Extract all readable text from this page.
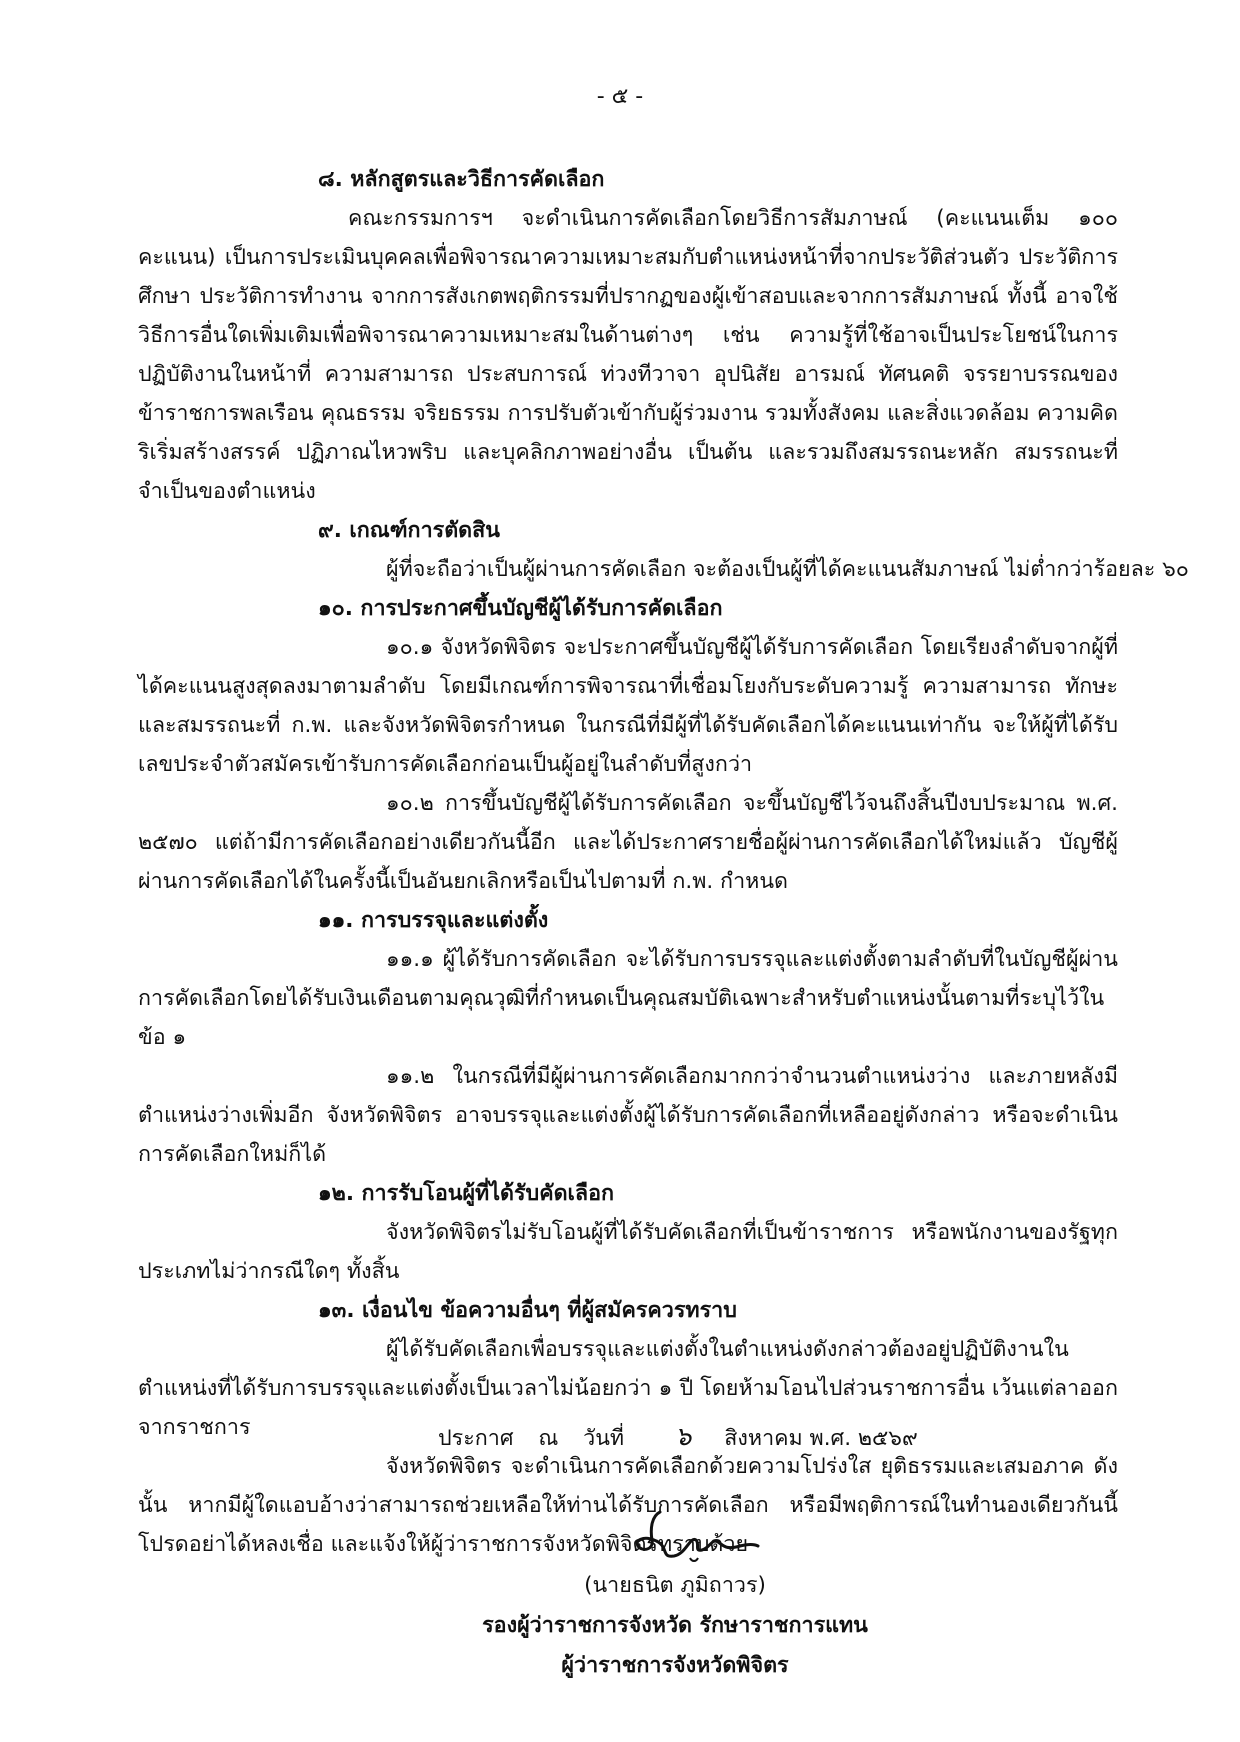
- ๕ -
๘. หลักสูตรและวิธีการคัดเลือก

คณะกรรมการฯ จะดำเนินการคัดเลือกโดยวิธีการสัมภาษณ์ (คะแนนเต็ม ๑๐๐ คะแนน) เป็นการประเมินบุคคลเพื่อพิจารณาความเหมาะสมกับตำแหน่งหน้าที่จากประวัติส่วนตัว ประวัติการศึกษา ประวัติการทำงาน จากการสังเกตพฤติกรรมที่ปรากฏของผู้เข้าสอบและจากการสัมภาษณ์ ทั้งนี้ อาจใช้วิธีการอื่นใดเพิ่มเติมเพื่อพิจารณาความเหมาะสมในด้านต่างๆ เช่น ความรู้ที่ใช้อาจเป็นประโยชน์ในการปฏิบัติงานในหน้าที่ ความสามารถ ประสบการณ์ ท่วงทีวาจา อุปนิสัย อารมณ์ ทัศนคติ จรรยาบรรณของข้าราชการพลเรือน คุณธรรม จริยธรรม การปรับตัวเข้ากับผู้ร่วมงาน รวมทั้งสังคม และสิ่งแวดล้อม ความคิดริเริ่มสร้างสรรค์ ปฏิภาณไหวพริบ และบุคลิกภาพอย่างอื่น เป็นต้น และรวมถึงสมรรถนะหลัก สมรรถนะที่จำเป็นของตำแหน่ง

๙. เกณฑ์การตัดสิน
ผู้ที่จะถือว่าเป็นผู้ผ่านการคัดเลือก จะต้องเป็นผู้ที่ได้คะแนนสัมภาษณ์ ไม่ต่ำกว่าร้อยละ ๖๐
๑๐. การประกาศขึ้นบัญชีผู้ได้รับการคัดเลือก

๑๐.๑ จังหวัดพิจิตร จะประกาศขึ้นบัญชีผู้ได้รับการคัดเลือก โดยเรียงลำดับจากผู้ที่ได้คะแนนสูงสุดลงมาตามลำดับ โดยมีเกณฑ์การพิจารณาที่เชื่อมโยงกับระดับความรู้ ความสามารถ ทักษะ และสมรรถนะที่ ก.พ. และจังหวัดพิจิตรกำหนด ในกรณีที่มีผู้ที่ได้รับคัดเลือกได้คะแนนเท่ากัน จะให้ผู้ที่ได้รับเลขประจำตัวสมัครเข้ารับการคัดเลือกก่อนเป็นผู้อยู่ในลำดับที่สูงกว่า

๑๐.๒ การขึ้นบัญชีผู้ได้รับการคัดเลือก จะขึ้นบัญชีไว้จนถึงสิ้นปีงบประมาณ พ.ศ. ๒๕๗๐ แต่ถ้ามีการคัดเลือกอย่างเดียวกันนี้อีก และได้ประกาศรายชื่อผู้ผ่านการคัดเลือกได้ใหม่แล้ว บัญชีผู้ผ่านการคัดเลือกได้ในครั้งนี้เป็นอันยกเลิกหรือเป็นไปตามที่ ก.พ. กำหนด

๑๑. การบรรจุและแต่งตั้ง

๑๑.๑ ผู้ได้รับการคัดเลือก จะได้รับการบรรจุและแต่งตั้งตามลำดับที่ในบัญชีผู้ผ่านการคัดเลือกโดยได้รับเงินเดือนตามคุณวุฒิที่กำหนดเป็นคุณสมบัติเฉพาะสำหรับตำแหน่งนั้นตามที่ระบุไว้ในข้อ ๑

๑๑.๒ ในกรณีที่มีผู้ผ่านการคัดเลือกมากกว่าจำนวนตำแหน่งว่าง และภายหลังมีตำแหน่งว่างเพิ่มอีก จังหวัดพิจิตร อาจบรรจุและแต่งตั้งผู้ได้รับการคัดเลือกที่เหลืออยู่ดังกล่าว หรือจะดำเนินการคัดเลือกใหม่ก็ได้

๑๒. การรับโอนผู้ที่ได้รับคัดเลือก

จังหวัดพิจิตรไม่รับโอนผู้ที่ได้รับคัดเลือกที่เป็นข้าราชการ หรือพนักงานของรัฐทุกประเภทไม่ว่ากรณีใดๆ ทั้งสิ้น

๑๓. เงื่อนไข ข้อความอื่นๆ ที่ผู้สมัครควรทราบ

ผู้ได้รับคัดเลือกเพื่อบรรจุและแต่งตั้งในตำแหน่งดังกล่าวต้องอยู่ปฏิบัติงานในตำแหน่งที่ได้รับการบรรจุและแต่งตั้งเป็นเวลาไม่น้อยกว่า ๑ ปี โดยห้ามโอนไปส่วนราชการอื่น เว้นแต่ลาออกจากราชการ

จังหวัดพิจิตร จะดำเนินการคัดเลือกด้วยความโปร่งใส ยุติธรรมและเสมอภาค ดังนั้น หากมีผู้ใดแอบอ้างว่าสามารถช่วยเหลือให้ท่านได้รับการคัดเลือก หรือมีพฤติการณ์ในทำนองเดียวกันนี้ โปรดอย่าได้หลงเชื่อ และแจ้งให้ผู้ว่าราชการจังหวัดพิจิตรทราบด้วย

ประกาศ ณ วันที่ ๖ สิงหาคม พ.ศ. ๒๕๖๙
(นายธนิต ภูมิถาวร)
รองผู้ว่าราชการจังหวัด รักษาราชการแทน
ผู้ว่าราชการจังหวัดพิจิตร
